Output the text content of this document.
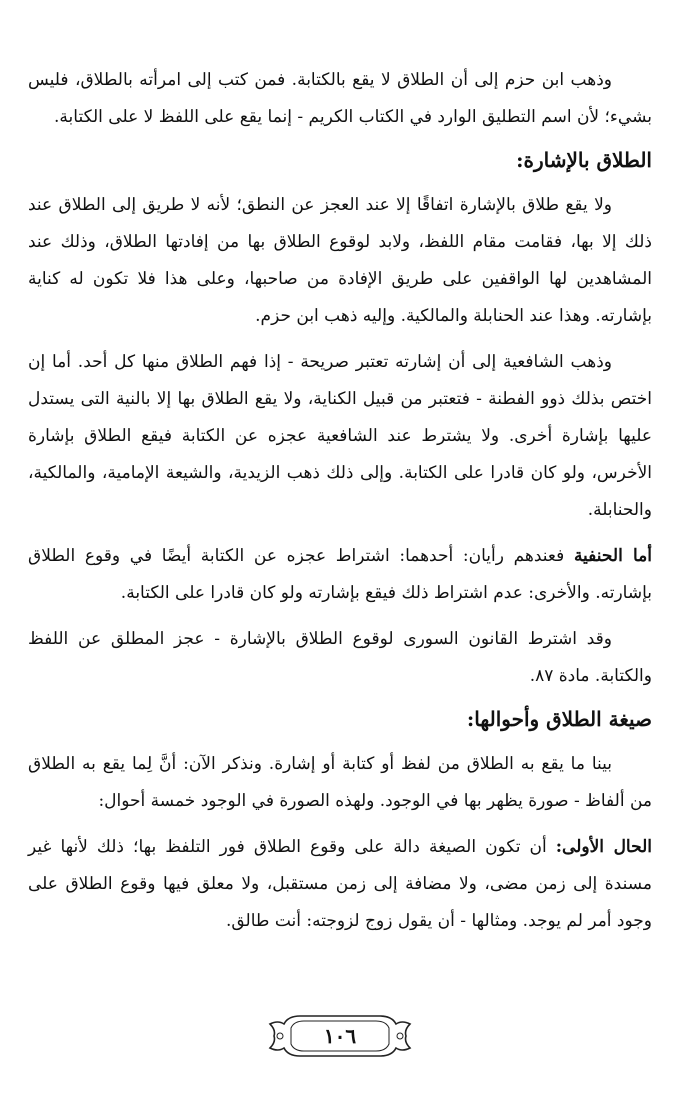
وذهب ابن حزم إلى أن الطلاق لا يقع بالكتابة. فمن كتب إلى امرأته بالطلاق، فليس بشيء؛ لأن اسم التطليق الوارد في الكتاب الكريم - إنما يقع على اللفظ لا على الكتابة.

الطلاق بالإشارة:

ولا يقع طلاق بالإشارة اتفاقًا إلا عند العجز عن النطق؛ لأنه لا طريق إلى الطلاق عند ذلك إلا بها، فقامت مقام اللفظ، ولابد لوقوع الطلاق بها من إفادتها الطلاق، وذلك عند المشاهدين لها الواقفين على طريق الإفادة من صاحبها، وعلى هذا فلا تكون له كناية بإشارته. وهذا عند الحنابلة والمالكية. وإليه ذهب ابن حزم.

وذهب الشافعية إلى أن إشارته تعتبر صريحة - إذا فهم الطلاق منها كل أحد. أما إن اختص بذلك ذوو الفطنة - فتعتبر من قبيل الكناية، ولا يقع الطلاق بها إلا بالنية التى يستدل عليها بإشارة أخرى. ولا يشترط عند الشافعية عجزه عن الكتابة فيقع الطلاق بإشارة الأخرس، ولو كان قادرا على الكتابة. وإلى ذلك ذهب الزيدية، والشيعة الإمامية، والمالكية، والحنابلة.

أما الحنفية فعندهم رأيان: أحدهما: اشتراط عجزه عن الكتابة أيضًا في وقوع الطلاق بإشارته. والأخرى: عدم اشتراط ذلك فيقع بإشارته ولو كان قادرا على الكتابة.

وقد اشترط القانون السورى لوقوع الطلاق بالإشارة - عجز المطلق عن اللفظ والكتابة. مادة ٨٧.

صيغة الطلاق وأحوالها:

بينا ما يقع به الطلاق من لفظ أو كتابة أو إشارة. ونذكر الآن: أنَّ لِما يقع به الطلاق من ألفاظ - صورة يظهر بها في الوجود. ولهذه الصورة في الوجود خمسة أحوال:

الحال الأولى: أن تكون الصيغة دالة على وقوع الطلاق فور التلفظ بها؛ ذلك لأنها غير مسندة إلى زمن مضى، ولا مضافة إلى زمن مستقبل، ولا معلق فيها وقوع الطلاق على وجود أمر لم يوجد. ومثالها - أن يقول زوج لزوجته: أنت طالق.

١٠٦
